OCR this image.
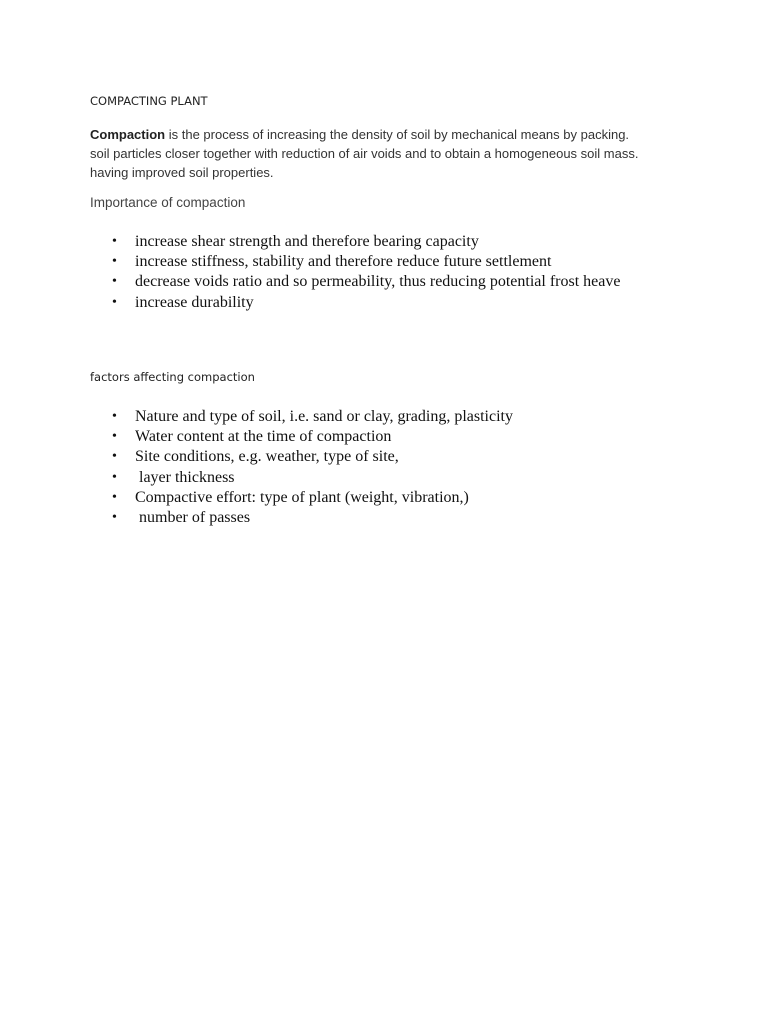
COMPACTING PLANT

Compaction is the process of increasing the density of soil by mechanical means by packing.
soil particles closer together with reduction of air voids and to obtain a homogeneous soil mass.
having improved soil properties.

Importance of compaction

• increase shear strength and therefore bearing capacity
• increase stiffness, stability and therefore reduce future settlement
• decrease voids ratio and so permeability, thus reducing potential frost heave
• increase durability

factors affecting compaction

• Nature and type of soil, i.e. sand or clay, grading, plasticity
• Water content at the time of compaction
• Site conditions, e.g. weather, type of site,
• layer thickness
• Compactive effort: type of plant (weight, vibration,)
• number of passes
